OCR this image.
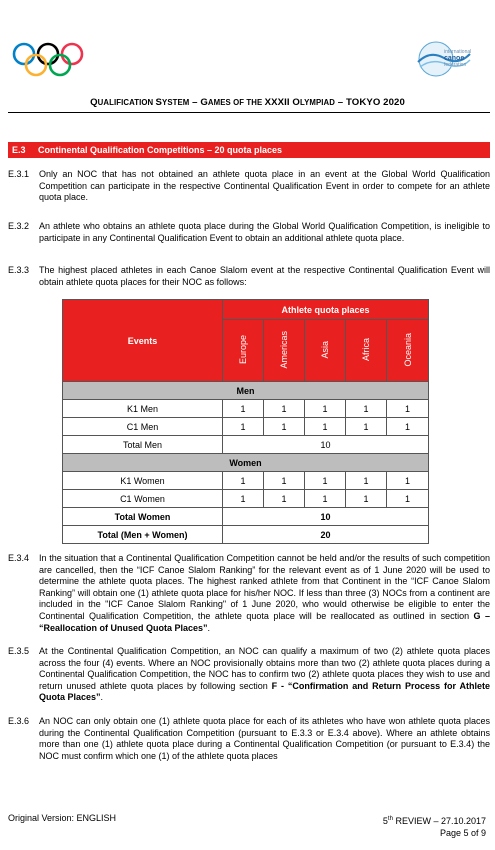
international
canoe
federation
QUALIFICATION SYSTEM – GAMES OF THE XXXII OLYMPIAD – TOKYO 2020
E.3 Continental Qualification Competitions – 20 quota places
E.3.1	Only an NOC that has not obtained an athlete quota place in an event at the Global World Qualification Competition can participate in the respective Continental Qualification Event in order to compete for an athlete quota place.
E.3.2	An athlete who obtains an athlete quota place during the Global World Qualification Competition, is ineligible to participate in any Continental Qualification Event to obtain an additional athlete quota place.
E.3.3	The highest placed athletes in each Canoe Slalom event at the respective Continental Qualification Event will obtain athlete quota places for their NOC as follows:
Events	Athlete quota places				
	Europe	Americas	Asia	Africa	Oceania
Men					
K1 Men	1	1	1	1	1
C1 Men	1	1	1	1	1
Total Men	10				
Women					
K1 Women	1	1	1	1	1
C1 Women	1	1	1	1	1
Total Women	10				
Total (Men + Women)	20				
E.3.4	In the situation that a Continental Qualification Competition cannot be held and/or the results of such competition are cancelled, then the “ICF Canoe Slalom Ranking” for the relevant event as of 1 June 2020 will be used to determine the athlete quota places. The highest ranked athlete from that Continent in the “ICF Canoe Slalom Ranking” will obtain one (1) athlete quota place for his/her NOC. If less than three (3) NOCs from a continent are included in the "ICF Canoe Slalom Ranking" of 1 June 2020, who would otherwise be eligible to enter the Continental Qualification Competition, the athlete quota place will be reallocated as outlined in section G – “Reallocation of Unused Quota Places”.
E.3.5	At the Continental Qualification Competition, an NOC can qualify a maximum of two (2) athlete quota places across the four (4) events. Where an NOC provisionally obtains more than two (2) athlete quota places during a Continental Qualification Competition, the NOC has to confirm two (2) athlete quota places they wish to use and return unused athlete quota places by following section F - “Confirmation and Return Process for Athlete Quota Places”.
E.3.6	An NOC can only obtain one (1) athlete quota place for each of its athletes who have won athlete quota places during the Continental Qualification Competition (pursuant to E.3.3 or E.3.4 above). Where an athlete obtains more than one (1) athlete quota place during a Continental Qualification Competition (or pursuant to E.3.4) the NOC must confirm which one (1) of the athlete quota places
Original Version: ENGLISH	5th REVIEW – 27.10.2017
Page 5 of 9
